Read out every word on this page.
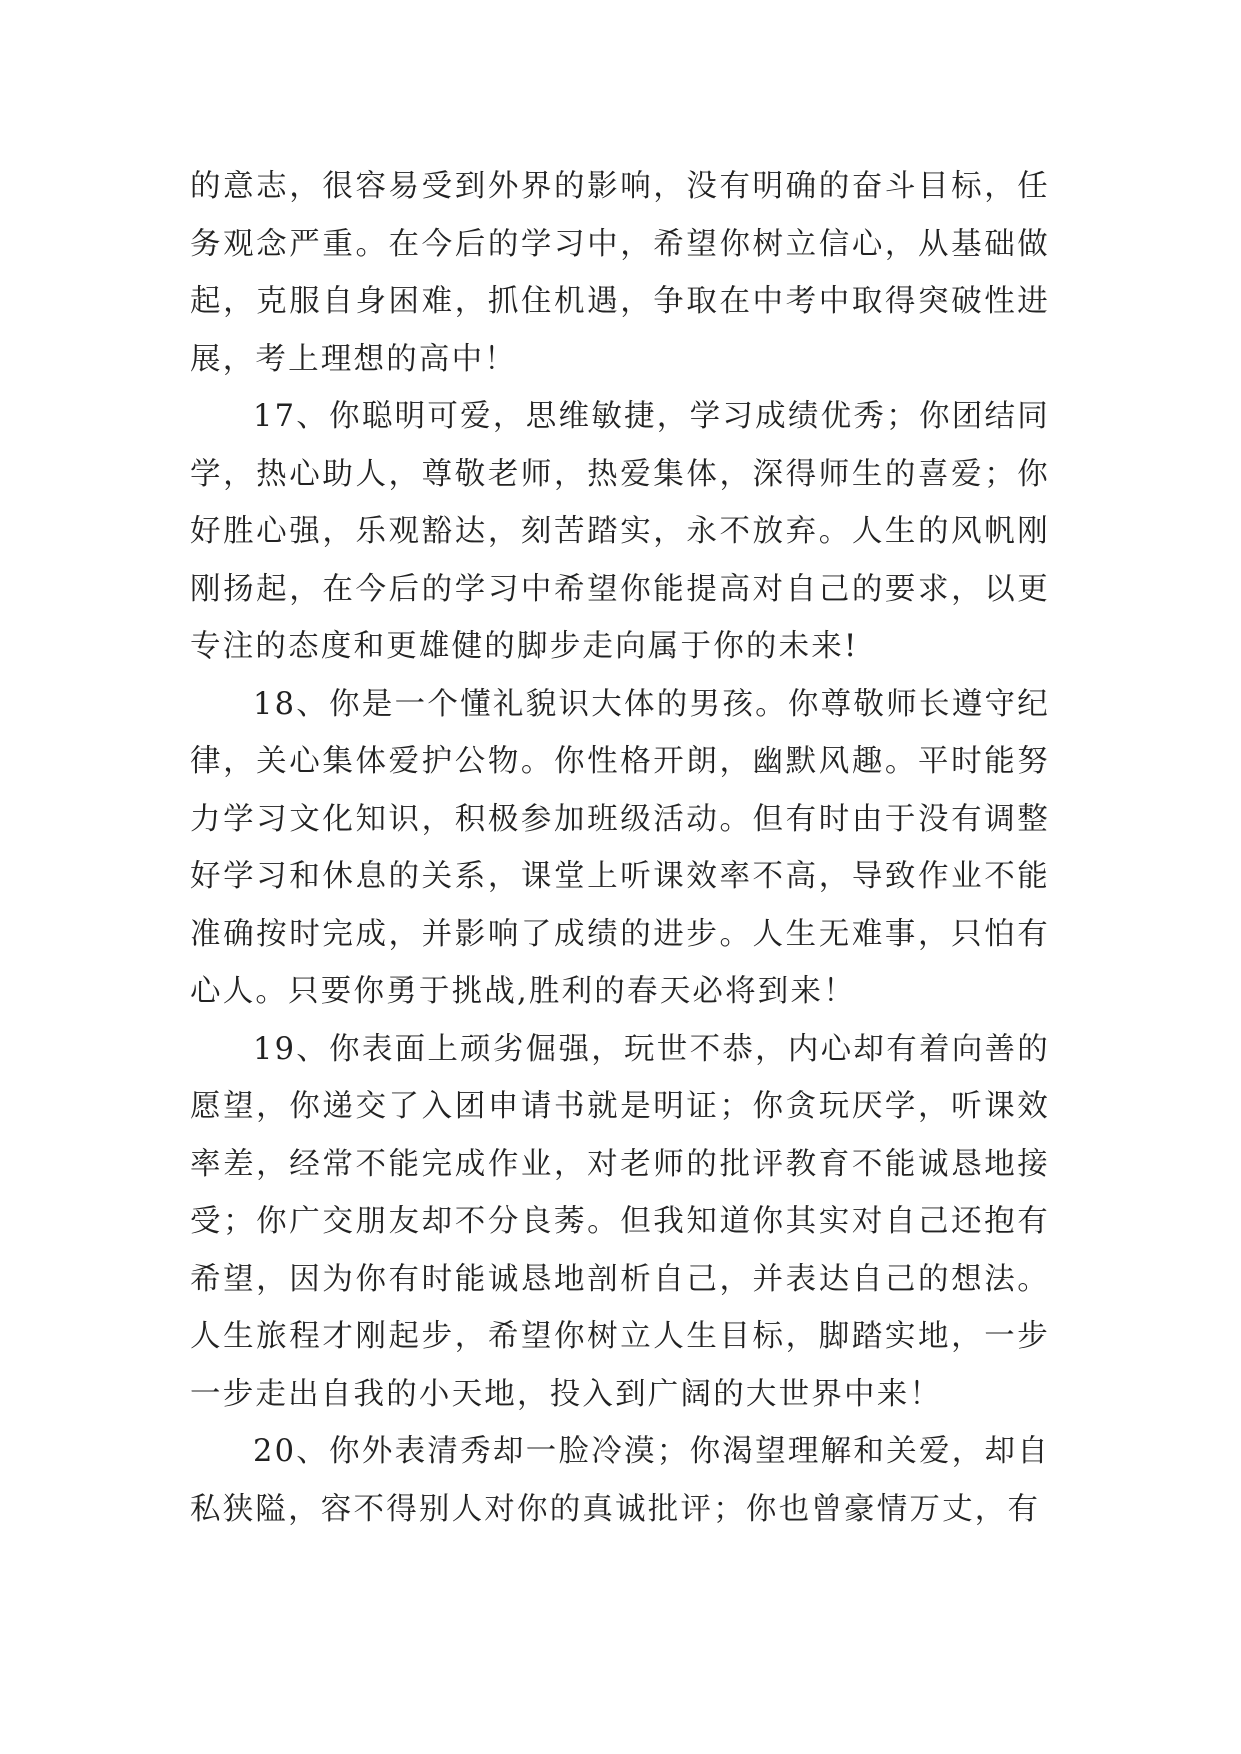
的意志，很容易受到外界的影响，没有明确的奋斗目标，任务观念严重。在今后的学习中，希望你树立信心，从基础做起，克服自身困难，抓住机遇，争取在中考中取得突破性进展，考上理想的高中！

17、你聪明可爱，思维敏捷，学习成绩优秀；你团结同学，热心助人，尊敬老师，热爱集体，深得师生的喜爱；你好胜心强，乐观豁达，刻苦踏实，永不放弃。人生的风帆刚刚扬起，在今后的学习中希望你能提高对自己的要求，以更专注的态度和更雄健的脚步走向属于你的未来!

18、你是一个懂礼貌识大体的男孩。你尊敬师长遵守纪律，关心集体爱护公物。你性格开朗，幽默风趣。平时能努力学习文化知识，积极参加班级活动。但有时由于没有调整好学习和休息的关系，课堂上听课效率不高，导致作业不能准确按时完成，并影响了成绩的进步。人生无难事，只怕有心人。只要你勇于挑战,胜利的春天必将到来！

19、你表面上顽劣倔强，玩世不恭，内心却有着向善的愿望，你递交了入团申请书就是明证；你贪玩厌学，听课效率差，经常不能完成作业，对老师的批评教育不能诚恳地接受；你广交朋友却不分良莠。但我知道你其实对自己还抱有希望，因为你有时能诚恳地剖析自己，并表达自己的想法。人生旅程才刚起步，希望你树立人生目标，脚踏实地，一步一步走出自我的小天地，投入到广阔的大世界中来！

20、你外表清秀却一脸冷漠；你渴望理解和关爱，却自私狭隘，容不得别人对你的真诚批评；你也曾豪情万丈，有
